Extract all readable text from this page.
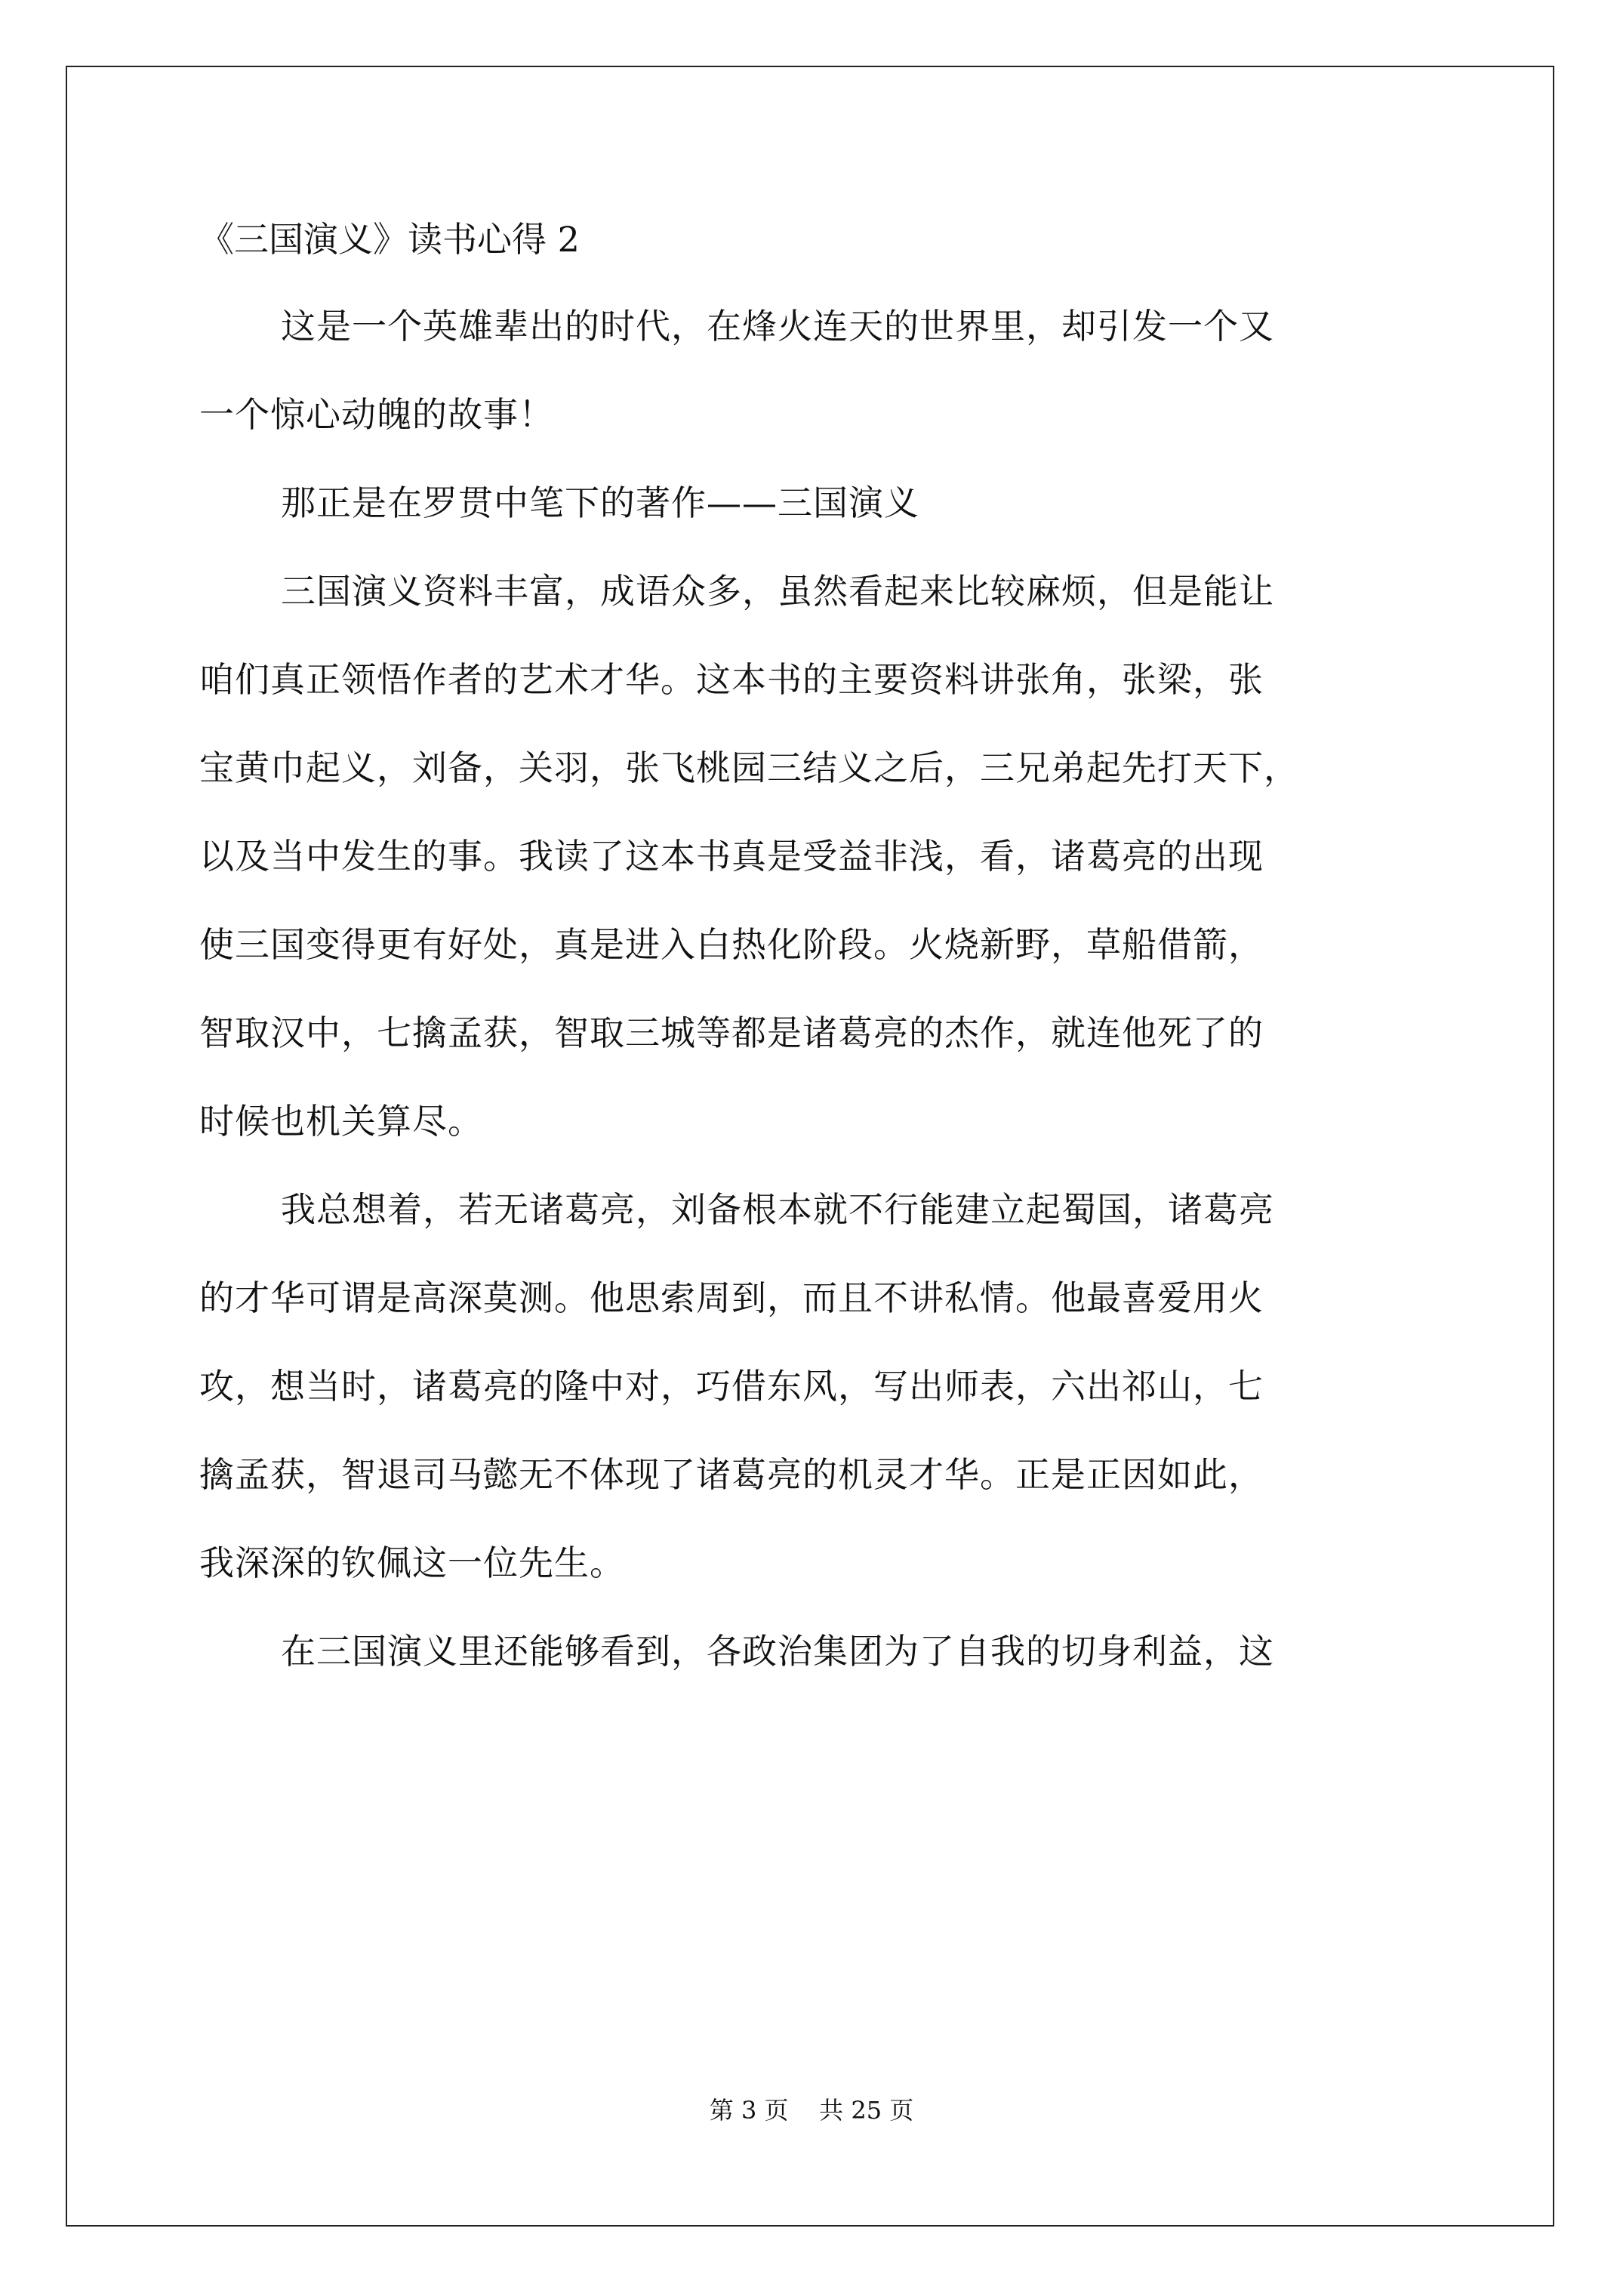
《三国演义》读书心得 2

这是一个英雄辈出的时代，在烽火连天的世界里，却引发一个又
一个惊心动魄的故事！
那正是在罗贯中笔下的著作——三国演义
三国演义资料丰富，成语众多，虽然看起来比较麻烦，但是能让
咱们真正领悟作者的艺术才华。这本书的主要资料讲张角，张梁，张
宝黄巾起义，刘备，关羽，张飞桃园三结义之后，三兄弟起先打天下，
以及当中发生的事。我读了这本书真是受益非浅，看，诸葛亮的出现
使三国变得更有好处，真是进入白热化阶段。火烧新野，草船借箭，
智取汉中，七擒孟获，智取三城等都是诸葛亮的杰作，就连他死了的
时候也机关算尽。
我总想着，若无诸葛亮，刘备根本就不行能建立起蜀国，诸葛亮
的才华可谓是高深莫测。他思索周到，而且不讲私情。他最喜爱用火
攻，想当时，诸葛亮的隆中对，巧借东风，写出师表，六出祁山，七
擒孟获，智退司马懿无不体现了诸葛亮的机灵才华。正是正因如此，
我深深的钦佩这一位先生。
在三国演义里还能够看到，各政治集团为了自我的切身利益，这
第 3 页    共 25 页
